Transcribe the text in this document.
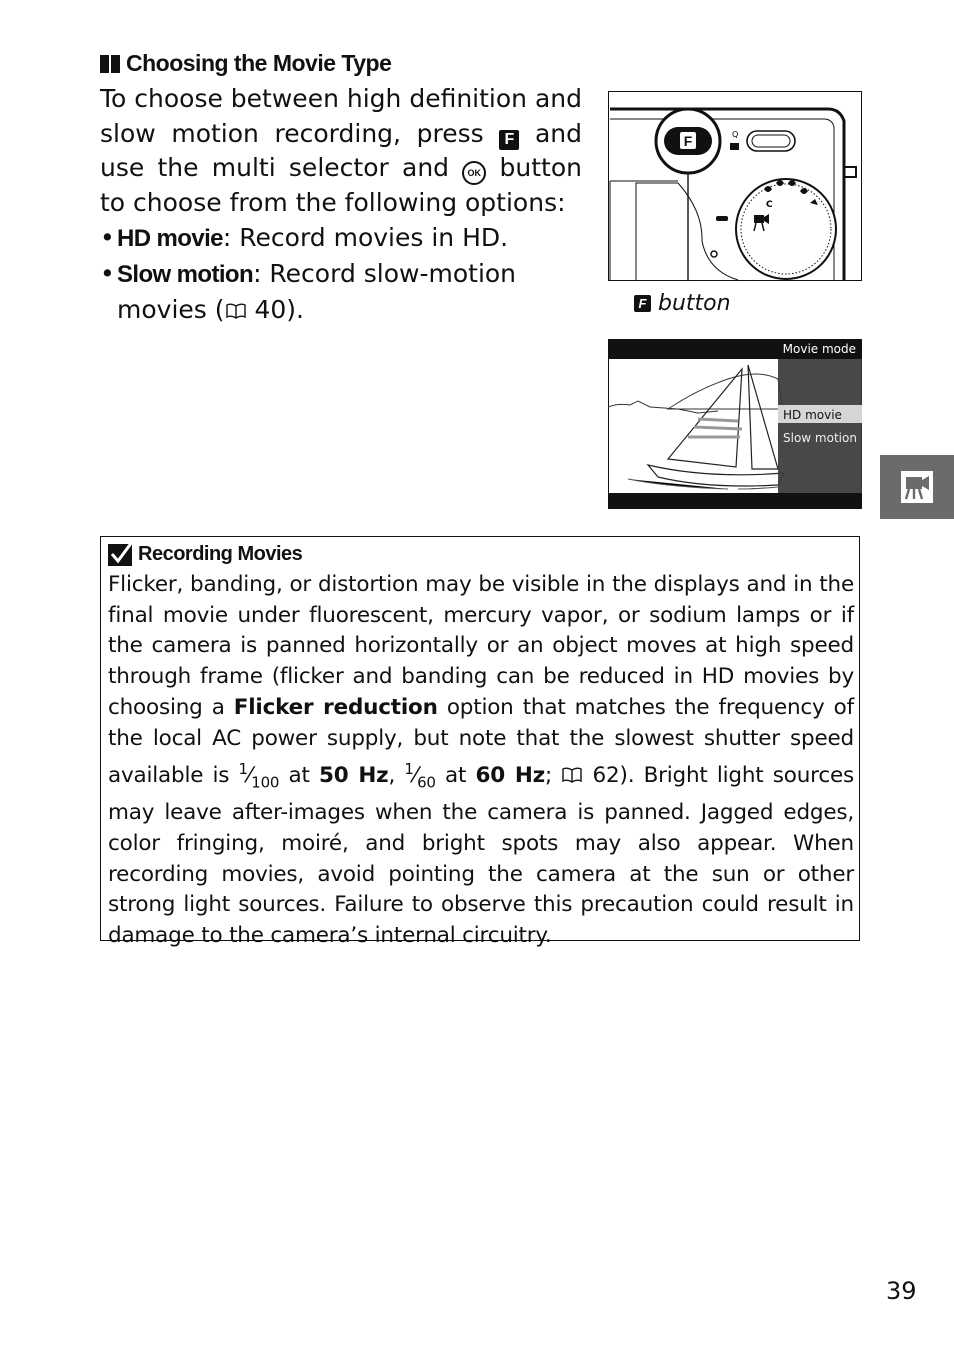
Choosing the Movie Type

To choose between high definition and slow motion recording, press F and use the multi selector and OK button to choose from the following options:

• HD movie: Record movies in HD.
• Slow motion: Record slow-motion movies ( 40).
Q
C
F
F button
Movie mode
HD movie
Slow motion
Recording Movies

Flicker, banding, or distortion may be visible in the displays and in the final movie under fluorescent, mercury vapor, or sodium lamps or if the camera is panned horizontally or an object moves at high speed through frame (flicker and banding can be reduced in HD movies by choosing a Flicker reduction option that matches the frequency of the local AC power supply, but note that the slowest shutter speed available is $^1⁄_{100}$ at 50 Hz, $^1⁄_{60}$ at 60 Hz;  62). Bright light sources may leave after-images when the camera is panned. Jagged edges, color fringing, moiré, and bright spots may also appear. When recording movies, avoid pointing the camera at the sun or other strong light sources. Failure to observe this precaution could result in damage to the camera’s internal circuitry.

39
